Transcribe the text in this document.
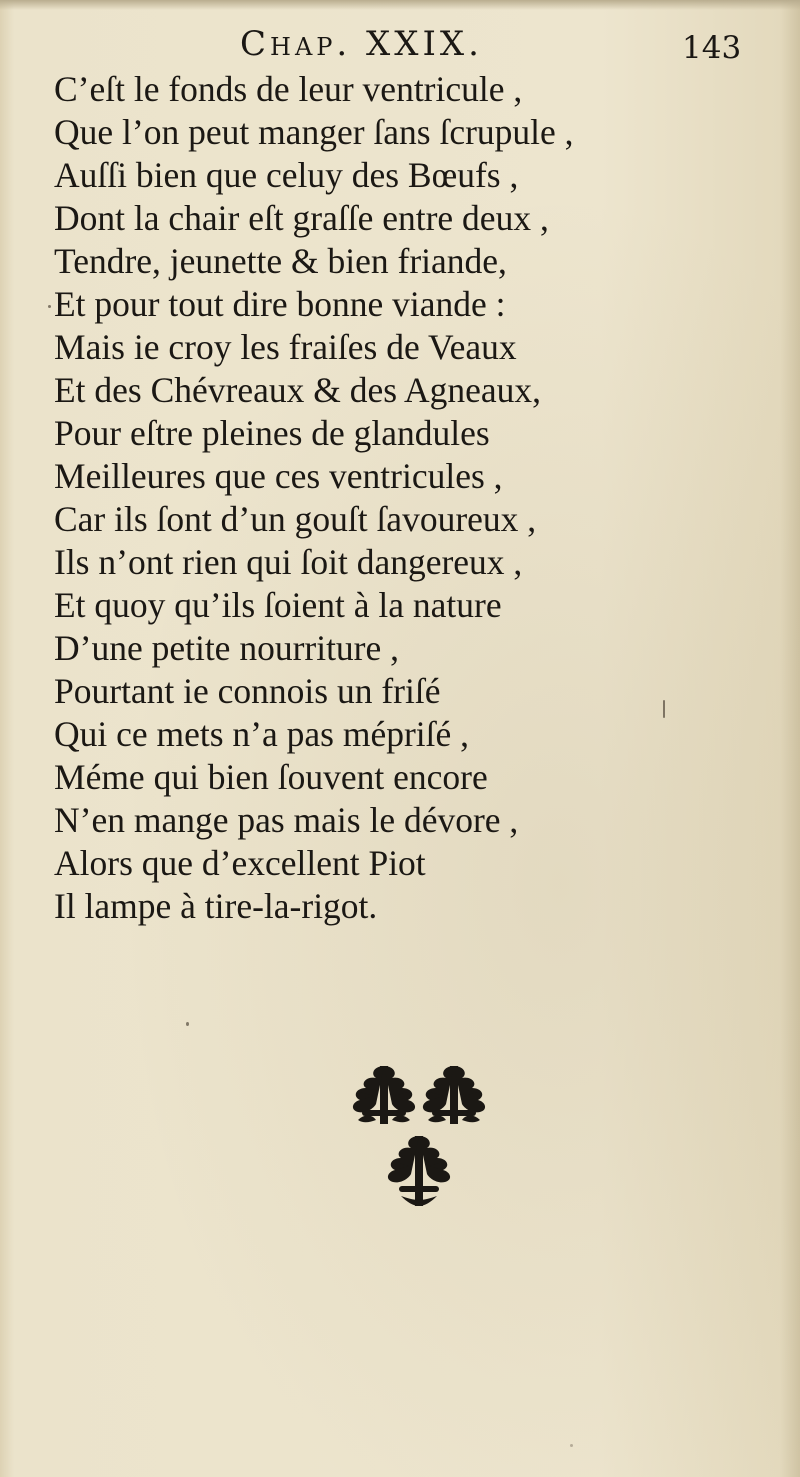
Chap. XXIX.	143
C’eſt le fonds de leur ventricule ,
Que l’on peut manger ſans ſcrupule ,
Auſſi bien que celuy des Bœufs ,
Dont la chair eſt graſſe entre deux ,
Tendre, jeunette & bien friande,
Et pour tout dire bonne viande :
Mais ie croy les fraiſes de Veaux
Et des Chévreaux & des Agneaux,
Pour eſtre pleines de glandules
Meilleures que ces ventricules ,
Car ils ſont d’un gouſt ſavoureux ,
Ils n’ont rien qui ſoit dangereux ,
Et quoy qu’ils ſoient à la nature
D’une petite nourriture ,
Pourtant ie connois un friſé
Qui ce mets n’a pas mépriſé ,
Méme qui bien ſouvent encore
N’en mange pas mais le dévore ,
Alors que d’excellent Piot
Il lampe à tire-la-rigot.
